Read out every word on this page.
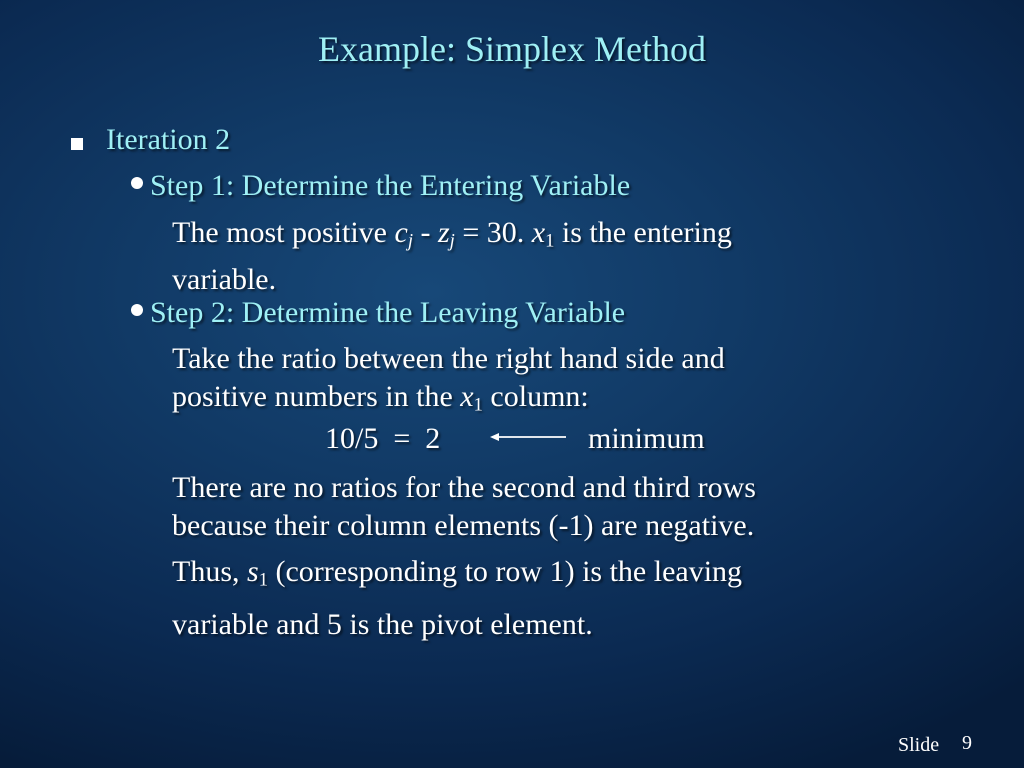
Example: Simplex Method
Iteration 2
Step 1: Determine the Entering Variable
The most positive $c_j - z_j = 30$. $x_1$ is the entering
variable.
Step 2: Determine the Leaving Variable
Take the ratio between the right hand side and
positive numbers in the $x_1$ column:
10/5  =  2	minimum
There are no ratios for the second and third rows
because their column elements (-1) are negative.
Thus, $s_1$ (corresponding to row 1) is the leaving
variable and 5 is the pivot element.
Slide 9
